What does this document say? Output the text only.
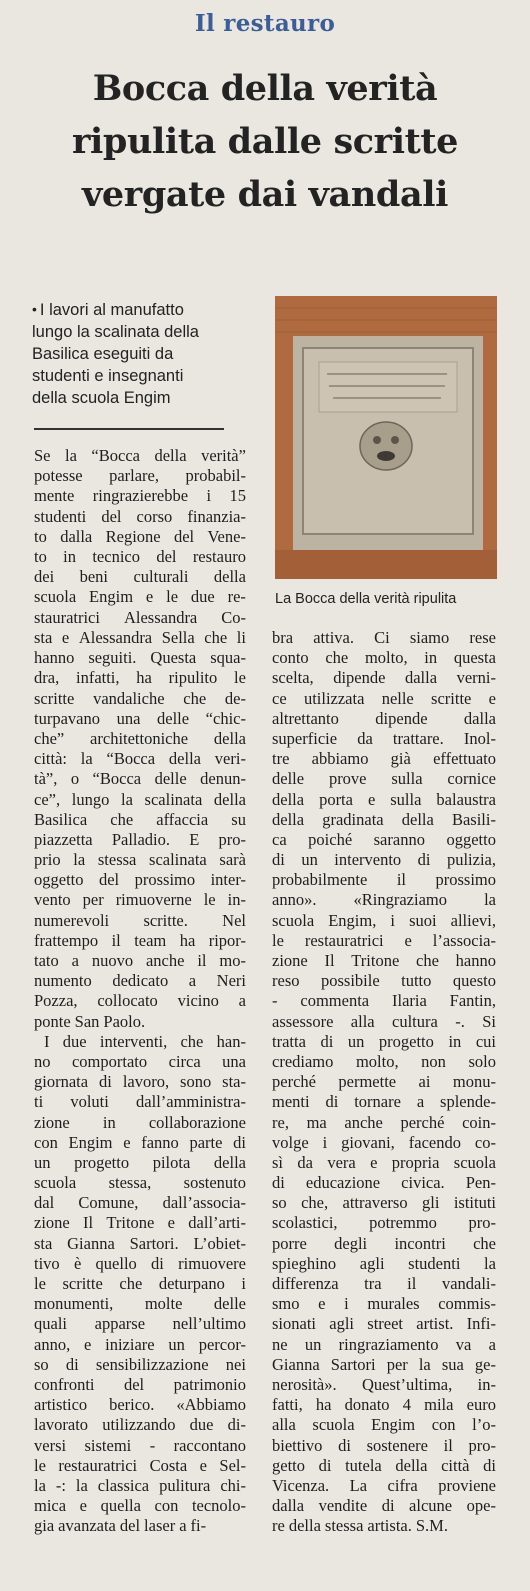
Il restauro
Bocca della verità
ripulita dalle scritte
vergate dai vandali
• I lavori al manufatto
lungo la scalinata della
Basilica eseguiti da
studenti e insegnanti
della scuola Engim
La Bocca della verità ripulita
Se la “Bocca della verità”
potesse parlare, probabil-
mente ringrazierebbe i 15
studenti del corso finanzia-
to dalla Regione del Vene-
to in tecnico del restauro
dei beni culturali della
scuola Engim e le due re-
stauratrici Alessandra Co-
sta e Alessandra Sella che li
hanno seguiti. Questa squa-
dra, infatti, ha ripulito le
scritte vandaliche che de-
turpavano una delle “chic-
che” architettoniche della
città: la “Bocca della veri-
tà”, o “Bocca delle denun-
ce”, lungo la scalinata della
Basilica che affaccia su
piazzetta Palladio. E pro-
prio la stessa scalinata sarà
oggetto del prossimo inter-
vento per rimuoverne le in-
numerevoli scritte. Nel
frattempo il team ha ripor-
tato a nuovo anche il mo-
numento dedicato a Neri
Pozza, collocato vicino a
ponte San Paolo.
I due interventi, che han-
no comportato circa una
giornata di lavoro, sono sta-
ti voluti dall’amministra-
zione in collaborazione
con Engim e fanno parte di
un progetto pilota della
scuola stessa, sostenuto
dal Comune, dall’associa-
zione Il Tritone e dall’arti-
sta Gianna Sartori. L’obiet-
tivo è quello di rimuovere
le scritte che deturpano i
monumenti, molte delle
quali apparse nell’ultimo
anno, e iniziare un percor-
so di sensibilizzazione nei
confronti del patrimonio
artistico berico. «Abbiamo
lavorato utilizzando due di-
versi sistemi - raccontano
le restauratrici Costa e Sel-
la -: la classica pulitura chi-
mica e quella con tecnolo-
gia avanzata del laser a fi-
bra attiva. Ci siamo rese
conto che molto, in questa
scelta, dipende dalla verni-
ce utilizzata nelle scritte e
altrettanto dipende dalla
superficie da trattare. Inol-
tre abbiamo già effettuato
delle prove sulla cornice
della porta e sulla balaustra
della gradinata della Basili-
ca poiché saranno oggetto
di un intervento di pulizia,
probabilmente il prossimo
anno». «Ringraziamo la
scuola Engim, i suoi allievi,
le restauratrici e l’associa-
zione Il Tritone che hanno
reso possibile tutto questo
- commenta Ilaria Fantin,
assessore alla cultura -. Si
tratta di un progetto in cui
crediamo molto, non solo
perché permette ai monu-
menti di tornare a splende-
re, ma anche perché coin-
volge i giovani, facendo co-
sì da vera e propria scuola
di educazione civica. Pen-
so che, attraverso gli istituti
scolastici, potremmo pro-
porre degli incontri che
spieghino agli studenti la
differenza tra il vandali-
smo e i murales commis-
sionati agli street artist. Infi-
ne un ringraziamento va a
Gianna Sartori per la sua ge-
nerosità». Quest’ultima, in-
fatti, ha donato 4 mila euro
alla scuola Engim con l’o-
biettivo di sostenere il pro-
getto di tutela della città di
Vicenza. La cifra proviene
dalla vendite di alcune ope-
re della stessa artista. S.M.
